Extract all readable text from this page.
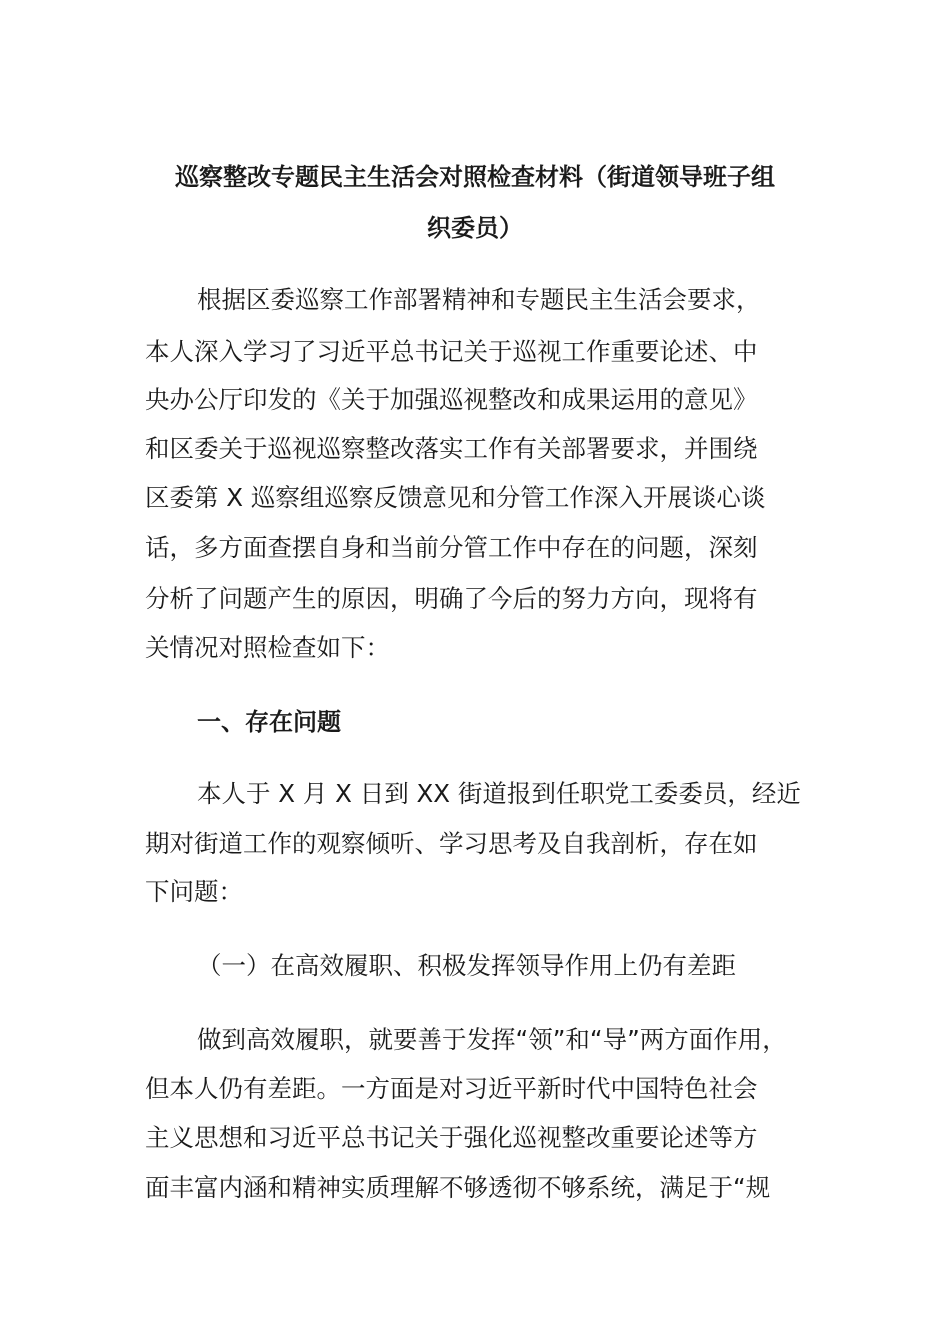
巡察整改专题民主生活会对照检查材料（街道领导班子组
织委员）

根据区委巡察工作部署精神和专题民主生活会要求，

本人深入学习了习近平总书记关于巡视工作重要论述、中

央办公厅印发的《关于加强巡视整改和成果运用的意见》

和区委关于巡视巡察整改落实工作有关部署要求，并围绕

区委第 X 巡察组巡察反馈意见和分管工作深入开展谈心谈

话，多方面查摆自身和当前分管工作中存在的问题，深刻

分析了问题产生的原因，明确了今后的努力方向，现将有

关情况对照检查如下：

一、存在问题

本人于 X 月 X 日到 XX 街道报到任职党工委委员，经近

期对街道工作的观察倾听、学习思考及自我剖析，存在如

下问题：

（一）在高效履职、积极发挥领导作用上仍有差距

做到高效履职，就要善于发挥“领”和“导”两方面作用，

但本人仍有差距。一方面是对习近平新时代中国特色社会

主义思想和习近平总书记关于强化巡视整改重要论述等方

面丰富内涵和精神实质理解不够透彻不够系统，满足于“规
